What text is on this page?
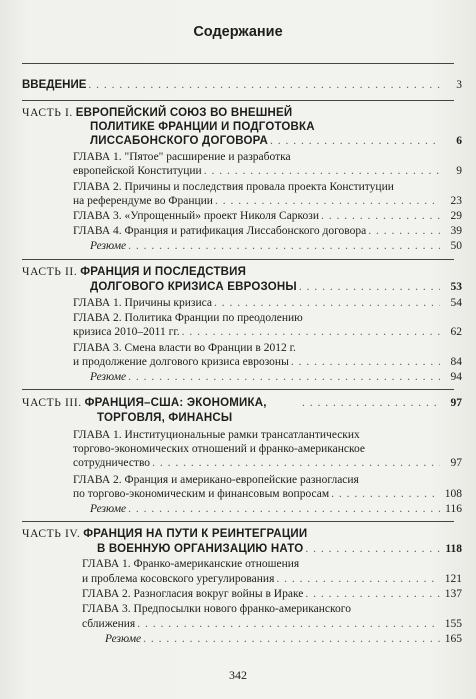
Содержание
ВВЕДЕНИЕ . . .	3
ЧАСТЬ I. ЕВРОПЕЙСКИЙ СОЮЗ ВО ВНЕШНЕЙ
ПОЛИТИКЕ ФРАНЦИИ И ПОДГОТОВКА
ЛИССАБОНСКОГО ДОГОВОРА . . .	6
ГЛАВА 1. "Пятое" расширение и разработка
европейской Конституции . . .	9
ГЛАВА 2. Причины и последствия провала проекта Конституции
на референдуме во Франции . . .	23
ГЛАВА 3. «Упрощенный» проект Николя Саркози . . .	29
ГЛАВА 4. Франция и ратификация Лиссабонского договора . . .	39
Резюме . . .	50
ЧАСТЬ II. ФРАНЦИЯ И ПОСЛЕДСТВИЯ
ДОЛГОВОГО КРИЗИСА ЕВРОЗОНЫ . . .	53
ГЛАВА 1. Причины кризиса . . .	54
ГЛАВА 2. Политика Франции по преодолению
кризиса 2010–2011 гг. . . .	62
ГЛАВА 3. Смена власти во Франции в 2012 г.
и продолжение долгового кризиса еврозоны . . .	84
Резюме . . .	94
ЧАСТЬ III. ФРАНЦИЯ–США: ЭКОНОМИКА, . . .	97
ТОРГОВЛЯ, ФИНАНСЫ
ГЛАВА 1. Институциональные рамки трансатлантических
торгово-экономических отношений и франко-американское
сотрудничество . . .	97
ГЛАВА 2. Франция и американо-европейские разногласия
по торгово-экономическим и финансовым вопросам . . .	108
Резюме . . .	116
ЧАСТЬ IV. ФРАНЦИЯ НА ПУТИ К РЕИНТЕГРАЦИИ
В ВОЕННУЮ ОРГАНИЗАЦИЮ НАТО . . .	118
ГЛАВА 1. Франко-американские отношения
и проблема косовского урегулирования . . .	121
ГЛАВА 2. Разногласия вокруг войны в Ираке . . .	137
ГЛАВА 3. Предпосылки нового франко-американского
сближения . . .	155
Резюме . . .	165
342
